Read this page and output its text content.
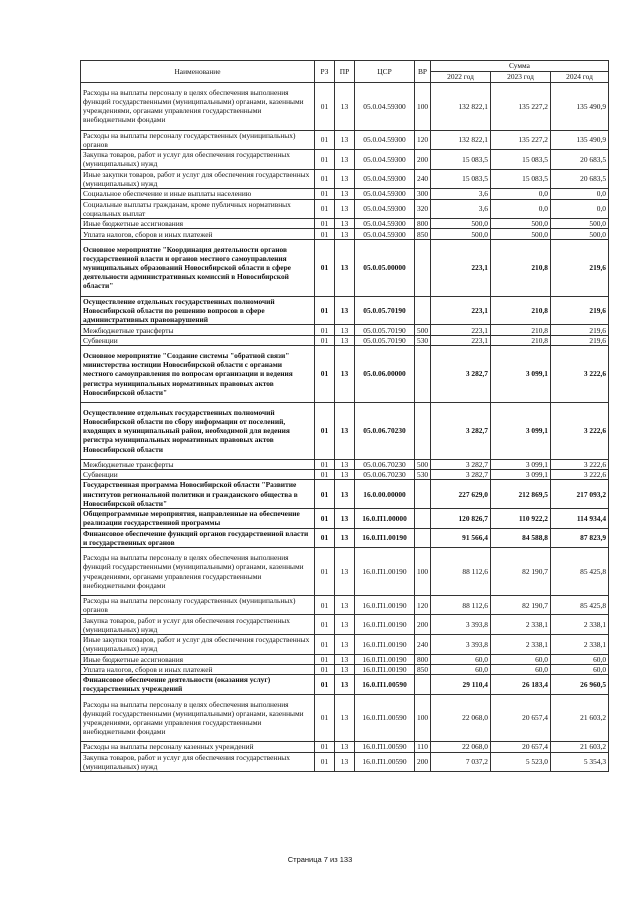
Наименование	РЗ	ПР	ЦСР	ВР	Сумма		
					2022 год	2023 год	2024 год
Расходы на выплаты персоналу в целях обеспечения выполнения функций государственными (муниципальными) органами, казенными учреждениями, органами управления государственными внебюджетными фондами	01	13	05.0.04.59300	100	132 822,1	135 227,2	135 490,9
Расходы на выплаты персоналу государственных (муниципальных) органов	01	13	05.0.04.59300	120	132 822,1	135 227,2	135 490,9
Закупка товаров, работ и услуг для обеспечения государственных (муниципальных) нужд	01	13	05.0.04.59300	200	15 083,5	15 083,5	20 683,5
Иные закупки товаров, работ и услуг для обеспечения государственных (муниципальных) нужд	01	13	05.0.04.59300	240	15 083,5	15 083,5	20 683,5
Социальное обеспечение и иные выплаты населению	01	13	05.0.04.59300	300	3,6	0,0	0,0
Социальные выплаты гражданам, кроме публичных нормативных социальных выплат	01	13	05.0.04.59300	320	3,6	0,0	0,0
Иные бюджетные ассигнования	01	13	05.0.04.59300	800	500,0	500,0	500,0
Уплата налогов, сборов и иных платежей	01	13	05.0.04.59300	850	500,0	500,0	500,0
Основное мероприятие "Координация деятельности органов государственной власти и органов местного самоуправления муниципальных образований Новосибирской области в сфере деятельности административных комиссий в Новосибирской области"	01	13	05.0.05.00000		223,1	210,8	219,6
Осуществление отдельных государственных полномочий Новосибирской области по решению вопросов в сфере административных правонарушений	01	13	05.0.05.70190		223,1	210,8	219,6
Межбюджетные трансферты	01	13	05.0.05.70190	500	223,1	210,8	219,6
Субвенции	01	13	05.0.05.70190	530	223,1	210,8	219,6
Основное мероприятие "Создание системы "обратной связи" министерства юстиции Новосибирской области с органами местного самоуправления по вопросам организации и ведения регистра муниципальных нормативных правовых актов Новосибирской области"	01	13	05.0.06.00000		3 282,7	3 099,1	3 222,6
Осуществление отдельных государственных полномочий Новосибирской области по сбору информации от поселений, входящих в муниципальный район, необходимой для ведения регистра муниципальных нормативных правовых актов Новосибирской области	01	13	05.0.06.70230		3 282,7	3 099,1	3 222,6
Межбюджетные трансферты	01	13	05.0.06.70230	500	3 282,7	3 099,1	3 222,6
Субвенции	01	13	05.0.06.70230	530	3 282,7	3 099,1	3 222,6
Государственная программа Новосибирской области "Развитие институтов региональной политики и гражданского общества в Новосибирской области"	01	13	16.0.00.00000		227 629,0	212 869,5	217 093,2
Общепрограммные мероприятия, направленные на обеспечение реализации государственной программы	01	13	16.0.П1.00000		120 826,7	110 922,2	114 934,4
Финансовое обеспечение функций органов государственной власти и государственных органов	01	13	16.0.П1.00190		91 566,4	84 588,8	87 823,9
Расходы на выплаты персоналу в целях обеспечения выполнения функций государственными (муниципальными) органами, казенными учреждениями, органами управления государственными внебюджетными фондами	01	13	16.0.П1.00190	100	88 112,6	82 190,7	85 425,8
Расходы на выплаты персоналу государственных (муниципальных) органов	01	13	16.0.П1.00190	120	88 112,6	82 190,7	85 425,8
Закупка товаров, работ и услуг для обеспечения государственных (муниципальных) нужд	01	13	16.0.П1.00190	200	3 393,8	2 338,1	2 338,1
Иные закупки товаров, работ и услуг для обеспечения государственных (муниципальных) нужд	01	13	16.0.П1.00190	240	3 393,8	2 338,1	2 338,1
Иные бюджетные ассигнования	01	13	16.0.П1.00190	800	60,0	60,0	60,0
Уплата налогов, сборов и иных платежей	01	13	16.0.П1.00190	850	60,0	60,0	60,0
Финансовое обеспечение деятельности (оказания услуг) государственных учреждений	01	13	16.0.П1.00590		29 110,4	26 183,4	26 960,5
Расходы на выплаты персоналу в целях обеспечения выполнения функций государственными (муниципальными) органами, казенными учреждениями, органами управления государственными внебюджетными фондами	01	13	16.0.П1.00590	100	22 068,0	20 657,4	21 603,2
Расходы на выплаты персоналу казенных учреждений	01	13	16.0.П1.00590	110	22 068,0	20 657,4	21 603,2
Закупка товаров, работ и услуг для обеспечения государственных (муниципальных) нужд	01	13	16.0.П1.00590	200	7 037,2	5 523,0	5 354,3
Страница 7 из 133
